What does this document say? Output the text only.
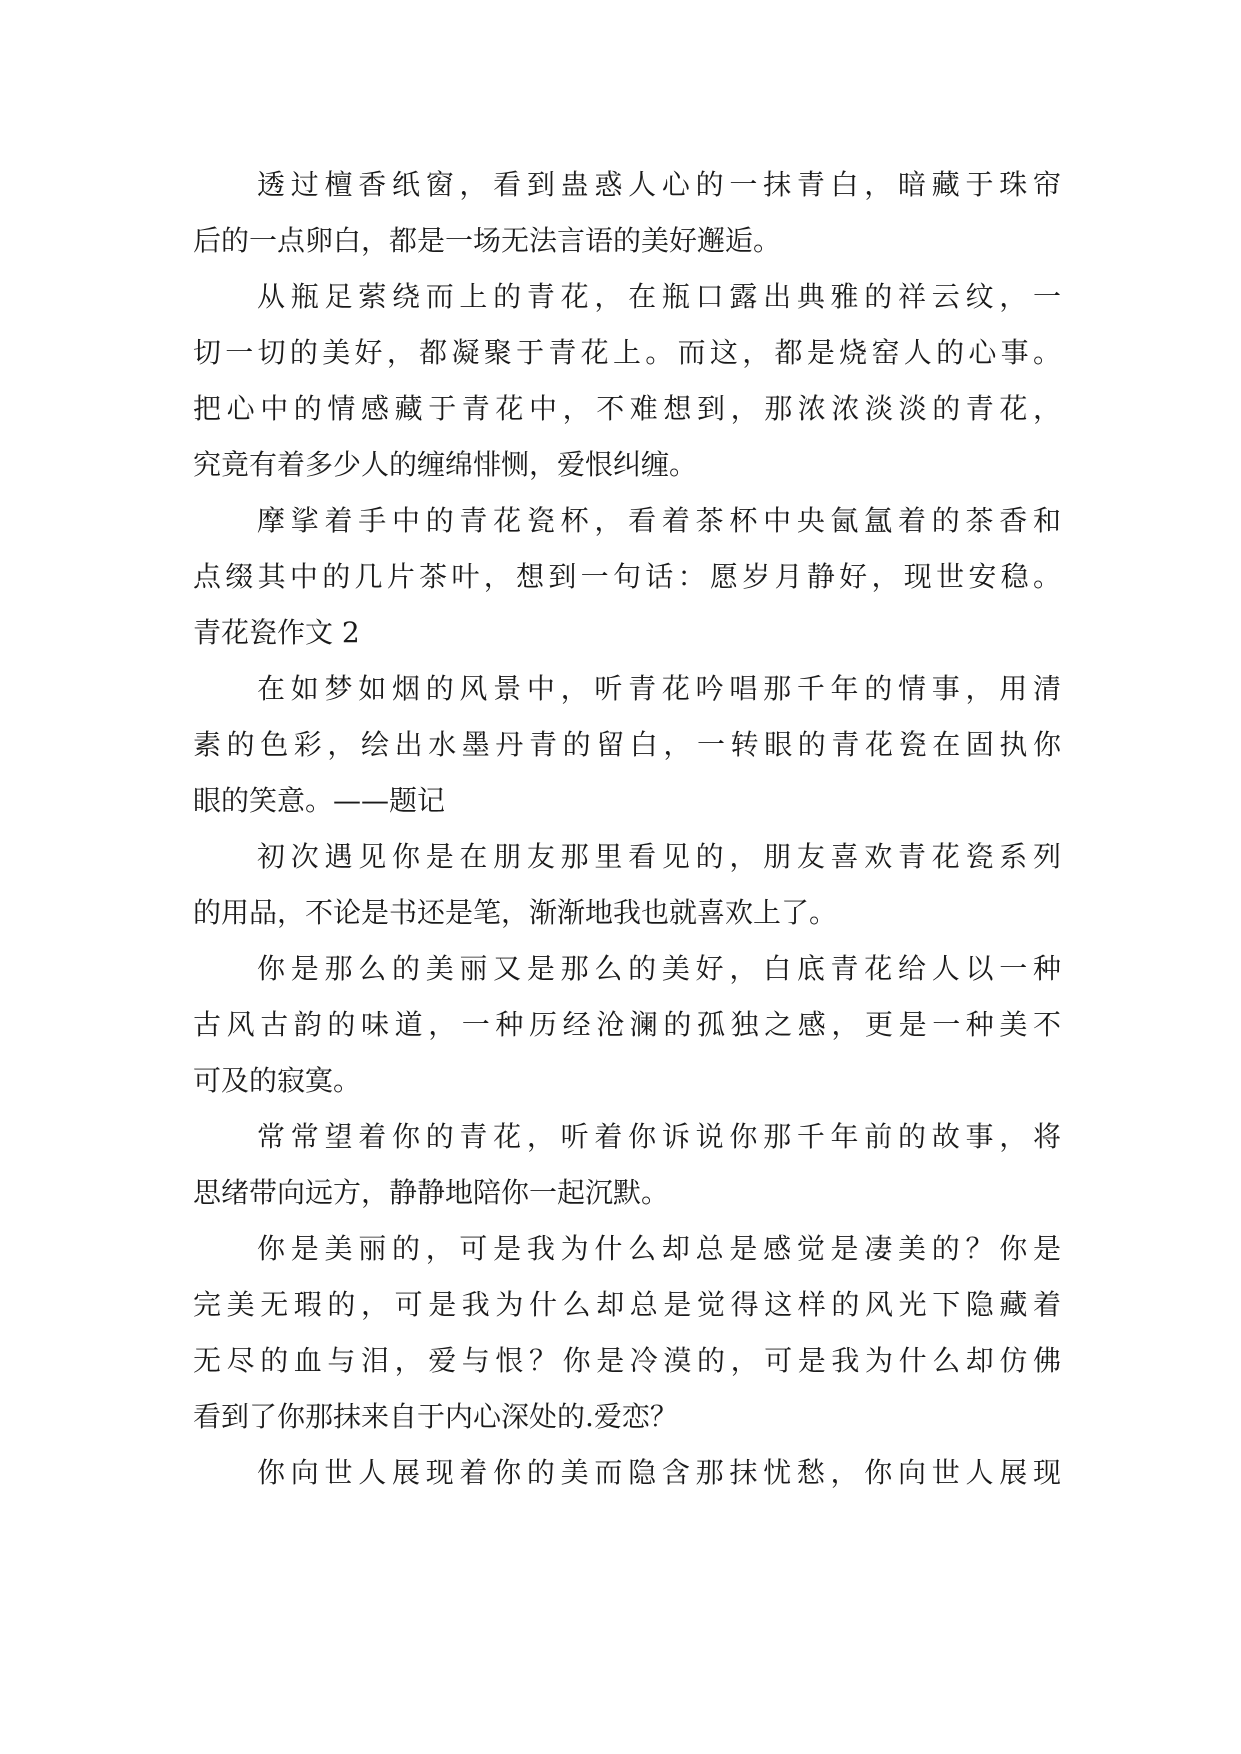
透过檀香纸窗，看到蛊惑人心的一抹青白，暗藏于珠帘
后的一点卵白，都是一场无法言语的美好邂逅。
从瓶足萦绕而上的青花，在瓶口露出典雅的祥云纹，一
切一切的美好，都凝聚于青花上。而这，都是烧窑人的心事。
把心中的情感藏于青花中，不难想到，那浓浓淡淡的青花，
究竟有着多少人的缠绵悱恻，爱恨纠缠。
摩挲着手中的青花瓷杯，看着茶杯中央氤氲着的茶香和
点缀其中的几片茶叶，想到一句话：愿岁月静好，现世安稳。
青花瓷作文 2
在如梦如烟的风景中，听青花吟唱那千年的情事，用清
素的色彩，绘出水墨丹青的留白，一转眼的青花瓷在固执你
眼的笑意。——题记
初次遇见你是在朋友那里看见的，朋友喜欢青花瓷系列
的用品，不论是书还是笔，渐渐地我也就喜欢上了。
你是那么的美丽又是那么的美好，白底青花给人以一种
古风古韵的味道，一种历经沧澜的孤独之感，更是一种美不
可及的寂寞。
常常望着你的青花，听着你诉说你那千年前的故事，将
思绪带向远方，静静地陪你一起沉默。
你是美丽的，可是我为什么却总是感觉是凄美的？你是
完美无瑕的，可是我为什么却总是觉得这样的风光下隐藏着
无尽的血与泪，爱与恨？你是冷漠的，可是我为什么却仿佛
看到了你那抹来自于内心深处的.爱恋？
你向世人展现着你的美而隐含那抹忧愁，你向世人展现
